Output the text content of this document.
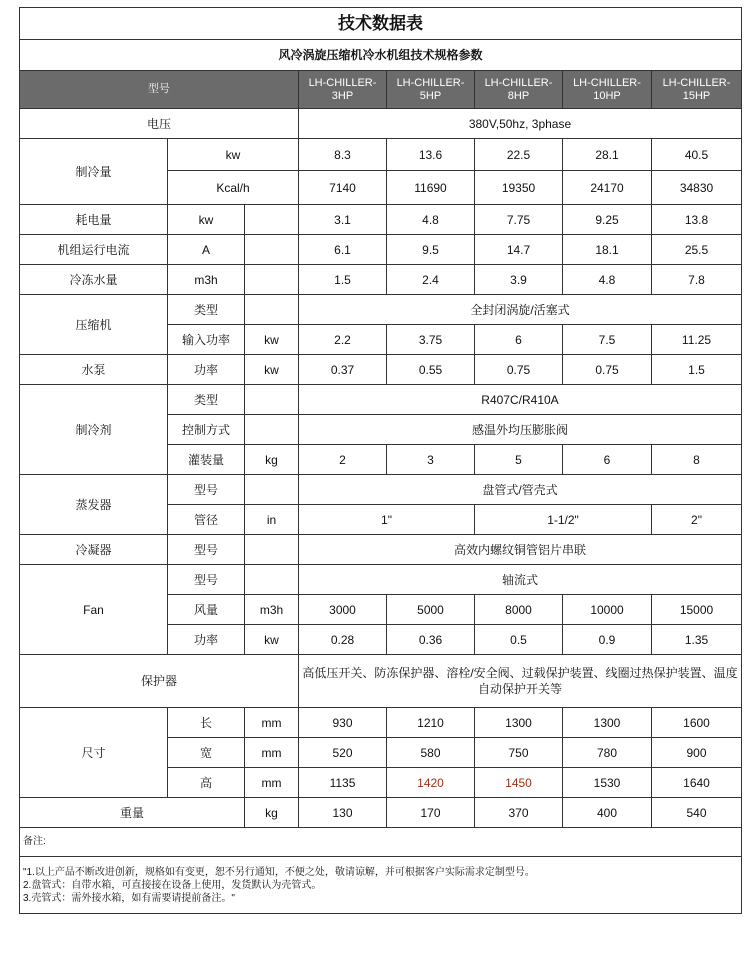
技术数据表							
风冷涡旋压缩机冷水机组技术规格参数							
型号			LH-CHILLER-3HP	LH-CHILLER-5HP	LH-CHILLER-8HP	LH-CHILLER-10HP	LH-CHILLER-15HP
电压			380V,50hz, 3phase				
制冷量	kw		8.3	13.6	22.5	28.1	40.5
	Kcal/h		7140	11690	19350	24170	34830
耗电量	kw		3.1	4.8	7.75	9.25	13.8
机组运行电流	A		6.1	9.5	14.7	18.1	25.5
冷冻水量	m3h		1.5	2.4	3.9	4.8	7.8
压缩机	类型		全封闭涡旋/活塞式				
	输入功率	kw	2.2	3.75	6	7.5	11.25
水泵	功率	kw	0.37	0.55	0.75	0.75	1.5
制冷剂	类型		R407C/R410A				
	控制方式		感温外均压膨胀阀				
	灌装量	kg	2	3	5	6	8
蒸发器	型号		盘管式/管壳式				
	管径	in	1"		1-1/2"		2"
冷凝器	型号		高效内螺纹铜管铝片串联				
Fan	型号		轴流式				
	风量	m3h	3000	5000	8000	10000	15000
	功率	kw	0.28	0.36	0.5	0.9	1.35
保护器			高低压开关、防冻保护器、溶栓/安全阀、过载保护装置、线圈过热保护装置、温度自动保护开关等				
尺寸	长	mm	930	1210	1300	1300	1600
	宽	mm	520	580	750	780	900
	高	mm	1135	1420	1450	1530	1640
重量		kg	130	170	370	400	540
备注:							

"1.以上产品不断改进创新，规格如有变更，恕不另行通知，不便之处，敬请谅解，并可根据客户实际需求定制型号。
2.盘管式：自带水箱，可直接接在设备上使用，发货默认为壳管式。
3.壳管式：需外接水箱，如有需要请提前备注。"							
